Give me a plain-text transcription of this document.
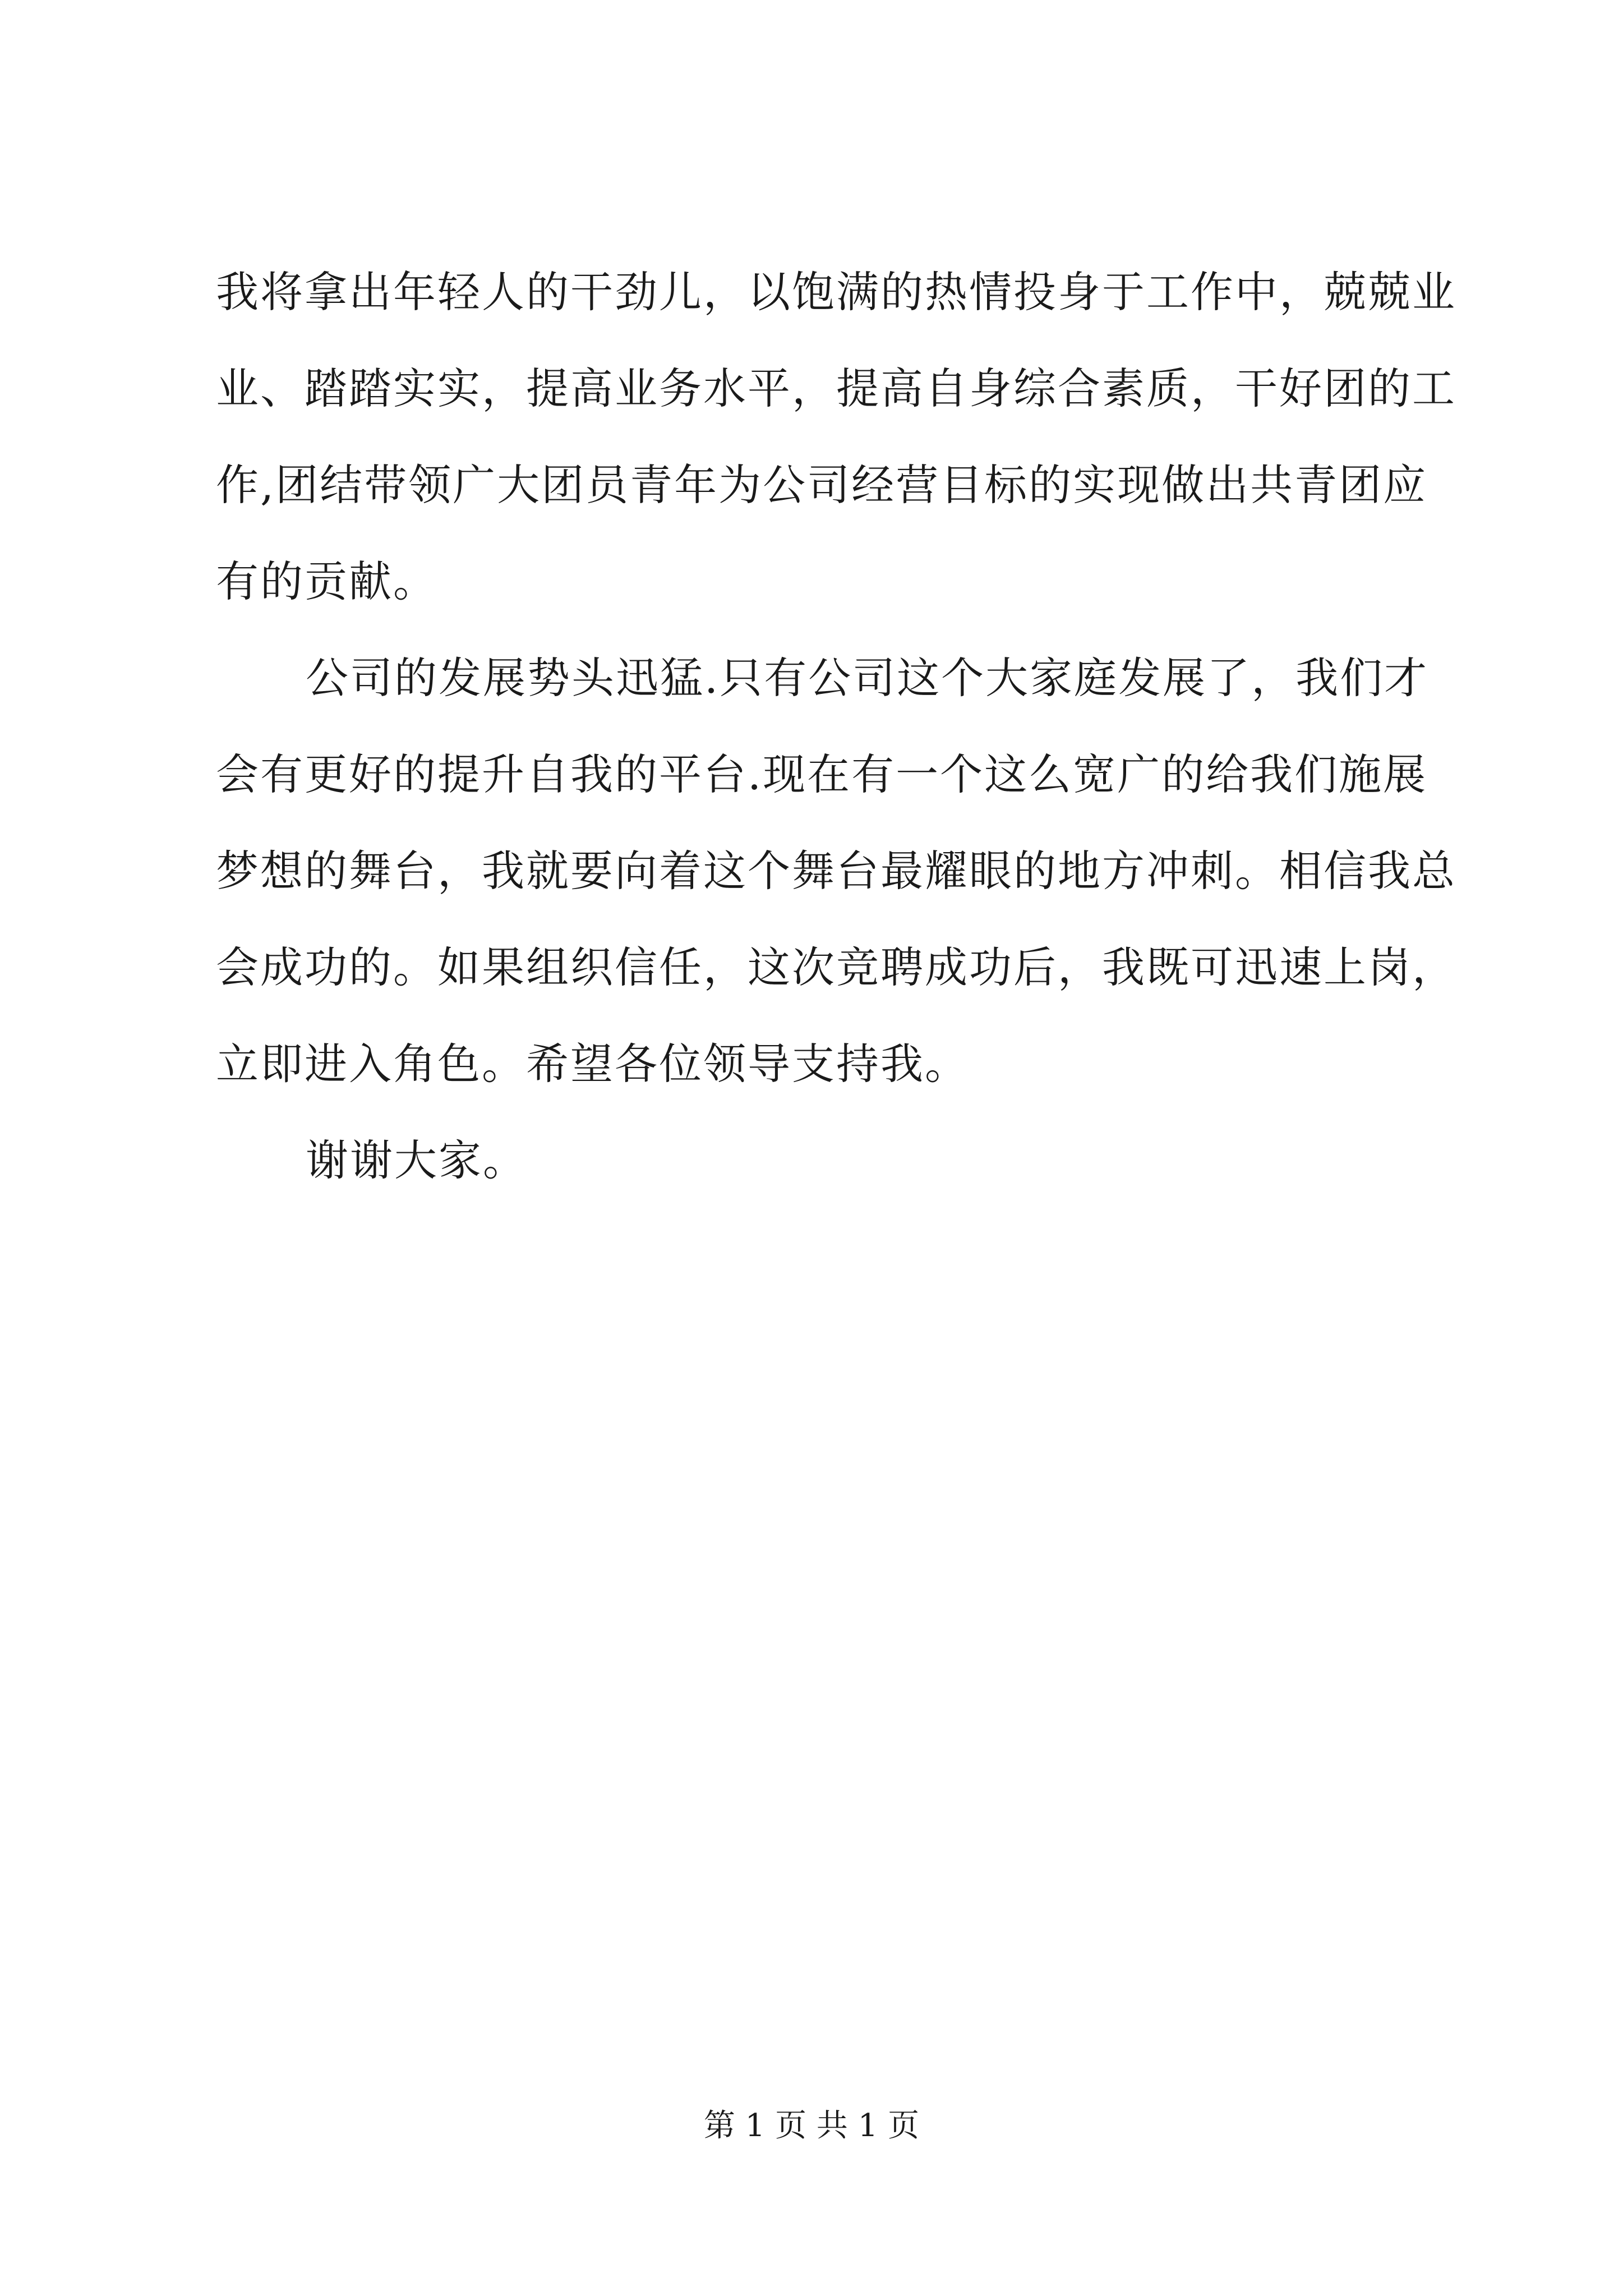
我将拿出年轻人的干劲儿，以饱满的热情投身于工作中，兢兢业
业、踏踏实实，提高业务水平，提高自身综合素质，干好团的工
作,团结带领广大团员青年为公司经营目标的实现做出共青团应
有的贡献。
公司的发展势头迅猛.只有公司这个大家庭发展了，我们才
会有更好的提升自我的平台.现在有一个这么宽广的给我们施展
梦想的舞台，我就要向着这个舞台最耀眼的地方冲刺。相信我总
会成功的。如果组织信任，这次竞聘成功后，我既可迅速上岗，
立即进入角色。希望各位领导支持我。
谢谢大家。
第 1 页 共 1 页
